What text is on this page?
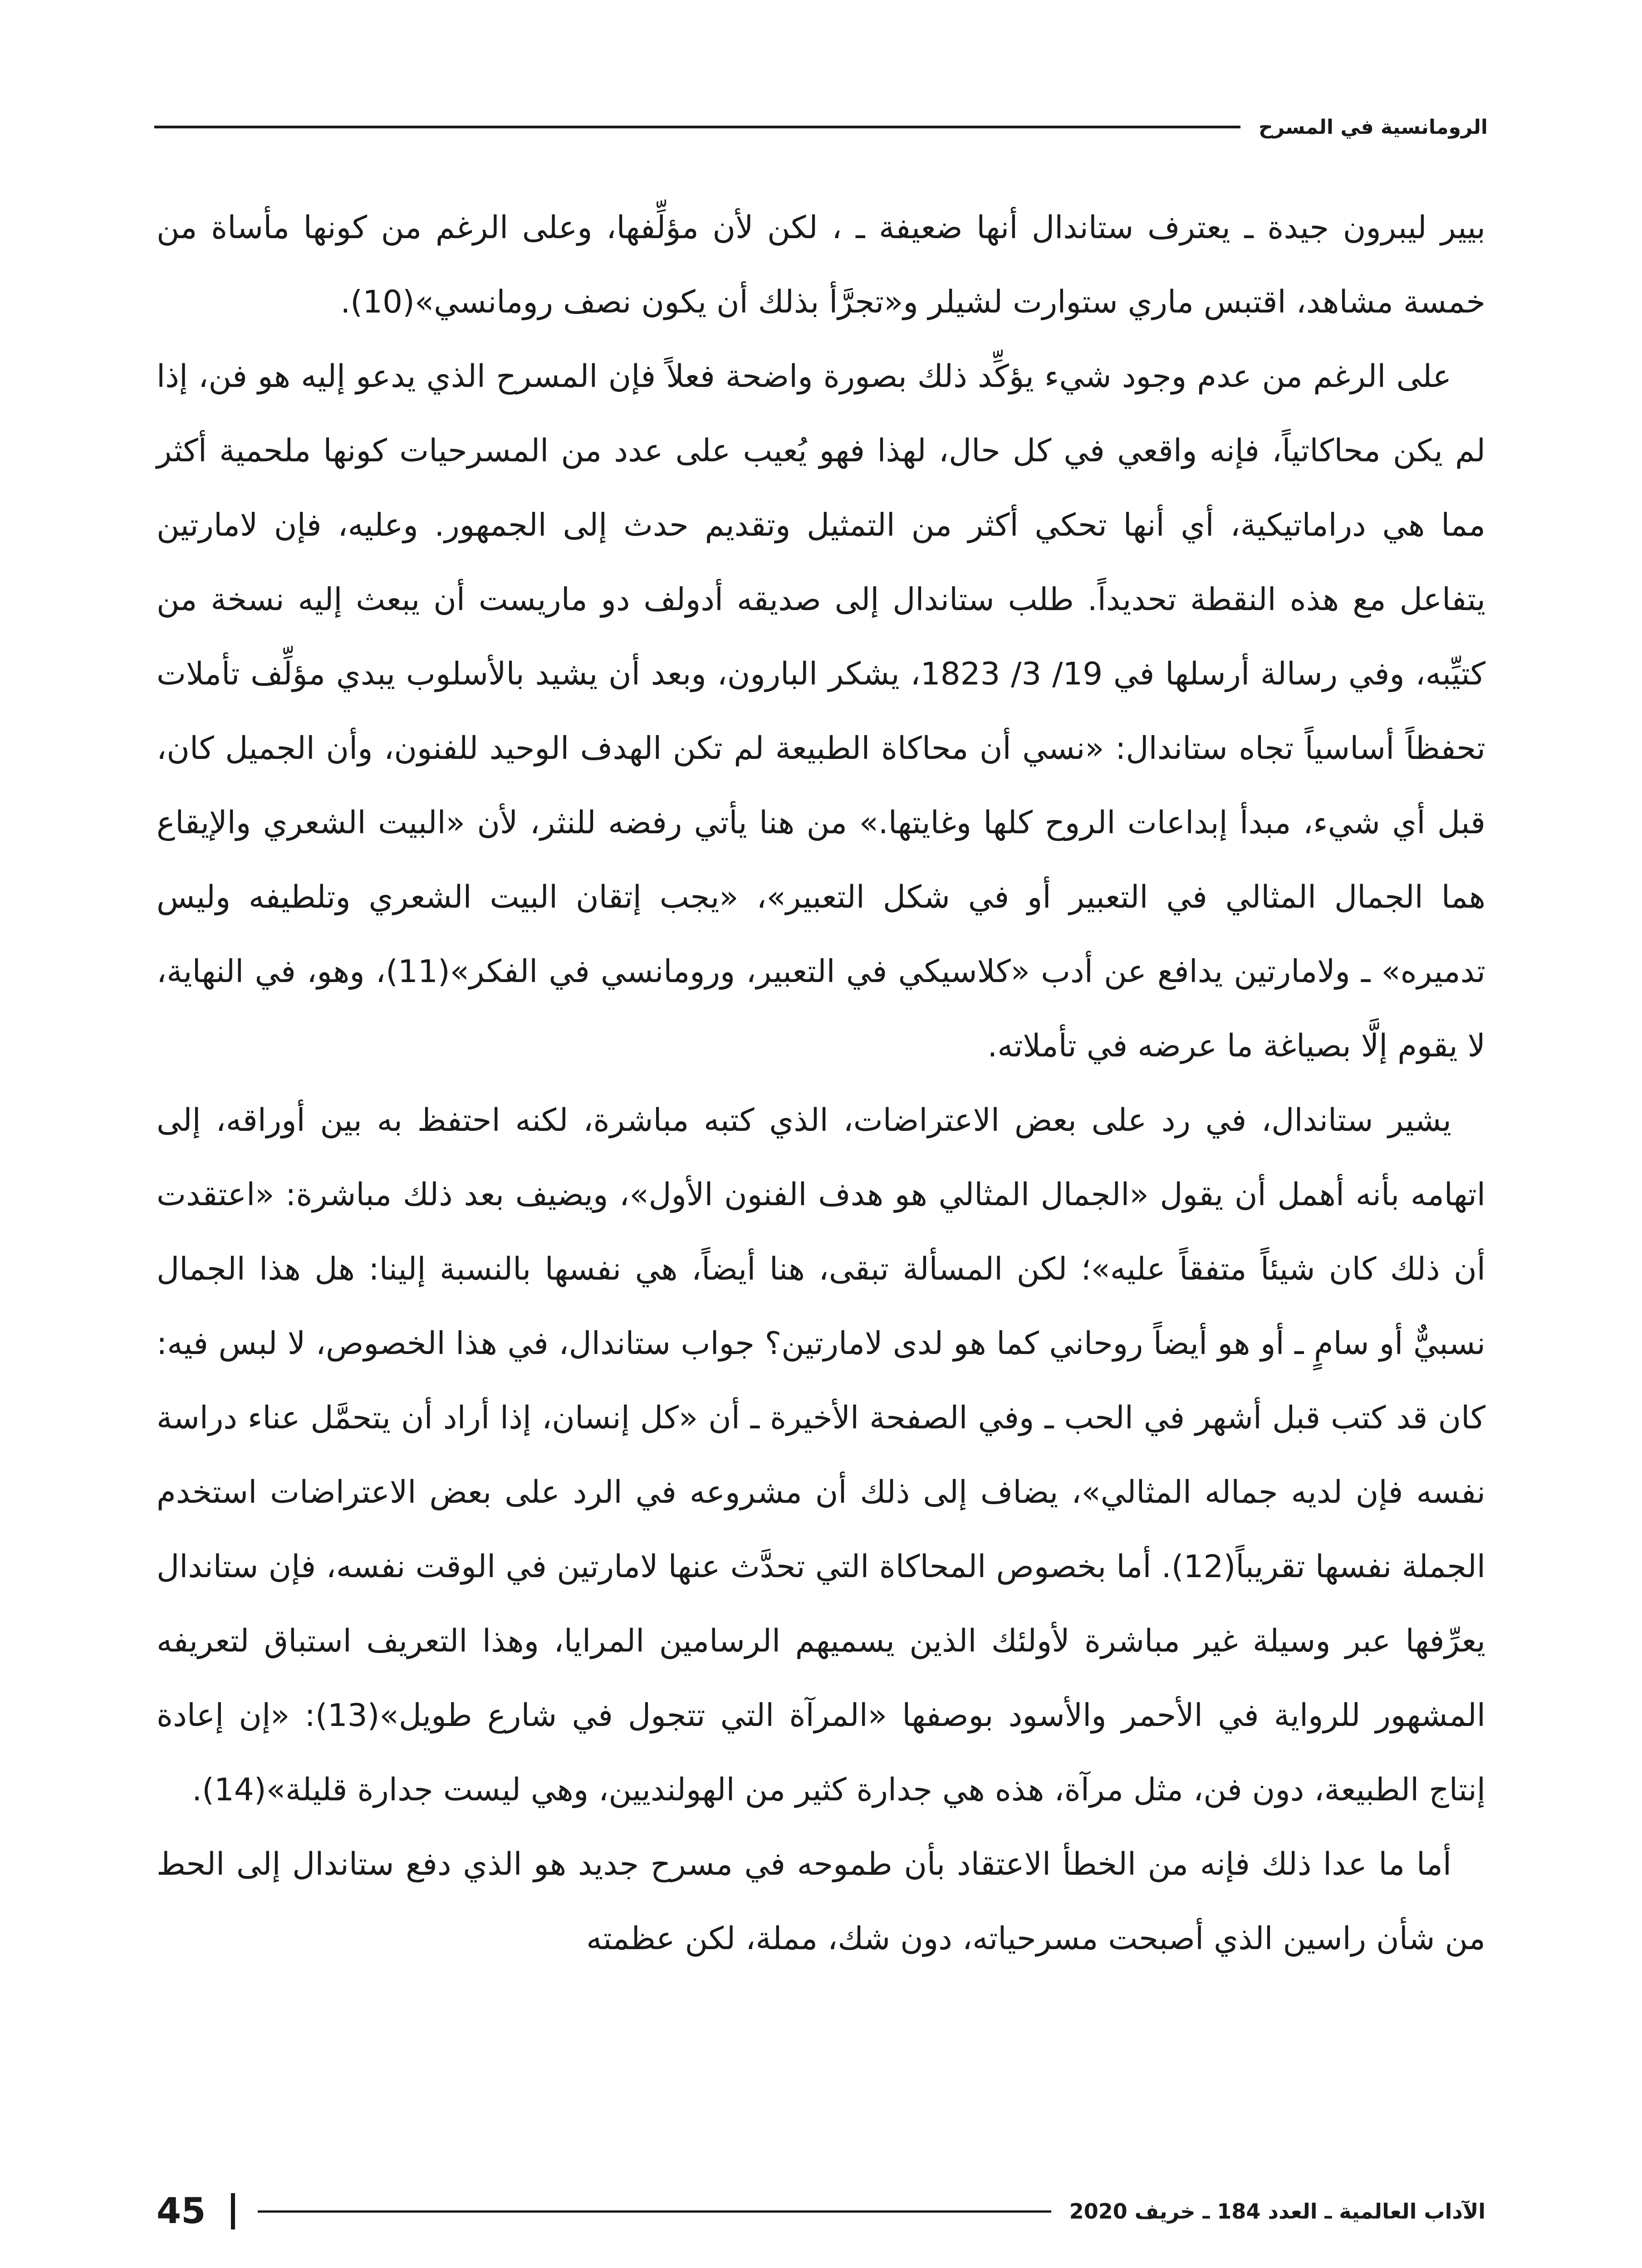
الرومانسية في المسرح

بيير ليبرون جيدة ـ يعترف ستاندال أنها ضعيفة ـ ، لكن لأن مؤلِّفها، وعلى الرغم من كونها مأساة من خمسة مشاهد، اقتبس ماري ستوارت لشيلر و«تجرَّأ بذلك أن يكون نصف رومانسي»(10).

على الرغم من عدم وجود شيء يؤكِّد ذلك بصورة واضحة فعلاً فإن المسرح الذي يدعو إليه هو فن، إذا لم يكن محاكاتياً، فإنه واقعي في كل حال، لهذا فهو يُعيب على عدد من المسرحيات كونها ملحمية أكثر مما هي دراماتيكية، أي أنها تحكي أكثر من التمثيل وتقديم حدث إلى الجمهور. وعليه، فإن لامارتين يتفاعل مع هذه النقطة تحديداً. طلب ستاندال إلى صديقه أدولف دو ماريست أن يبعث إليه نسخة من كتيِّبه، وفي رسالة أرسلها في 19/ 3/ 1823، يشكر البارون، وبعد أن يشيد بالأسلوب يبدي مؤلِّف تأملات تحفظاً أساسياً تجاه ستاندال: «نسي أن محاكاة الطبيعة لم تكن الهدف الوحيد للفنون، وأن الجميل كان، قبل أي شيء، مبدأ إبداعات الروح كلها وغايتها.» من هنا يأتي رفضه للنثر، لأن «البيت الشعري والإيقاع هما الجمال المثالي في التعبير أو في شكل التعبير»، «يجب إتقان البيت الشعري وتلطيفه وليس تدميره» ـ ولامارتين يدافع عن أدب «كلاسيكي في التعبير، ورومانسي في الفكر»(11)، وهو، في النهاية، لا يقوم إلَّا بصياغة ما عرضه في تأملاته.

يشير ستاندال، في رد على بعض الاعتراضات، الذي كتبه مباشرة، لكنه احتفظ به بين أوراقه، إلى اتهامه بأنه أهمل أن يقول «الجمال المثالي هو هدف الفنون الأول»، ويضيف بعد ذلك مباشرة: «اعتقدت أن ذلك كان شيئاً متفقاً عليه»؛ لكن المسألة تبقى، هنا أيضاً، هي نفسها بالنسبة إلينا: هل هذا الجمال نسبيٌّ أو سامٍ ـ أو هو أيضاً روحاني كما هو لدى لامارتين؟ جواب ستاندال، في هذا الخصوص، لا لبس فيه: كان قد كتب قبل أشهر في الحب ـ وفي الصفحة الأخيرة ـ أن «كل إنسان، إذا أراد أن يتحمَّل عناء دراسة نفسه فإن لديه جماله المثالي»، يضاف إلى ذلك أن مشروعه في الرد على بعض الاعتراضات استخدم الجملة نفسها تقريباً(12). أما بخصوص المحاكاة التي تحدَّث عنها لامارتين في الوقت نفسه، فإن ستاندال يعرِّفها عبر وسيلة غير مباشرة لأولئك الذين يسميهم الرسامين المرايا، وهذا التعريف استباق لتعريفه المشهور للرواية في الأحمر والأسود بوصفها «المرآة التي تتجول في شارع طويل»(13): «إن إعادة إنتاج الطبيعة، دون فن، مثل مرآة، هذه هي جدارة كثير من الهولنديين، وهي ليست جدارة قليلة»(14).

أما ما عدا ذلك فإنه من الخطأ الاعتقاد بأن طموحه في مسرح جديد هو الذي دفع ستاندال إلى الحط من شأن راسين الذي أصبحت مسرحياته، دون شك، مملة، لكن عظمته

الآداب العالمية ـ العدد 184 ـ خريف 2020
45
